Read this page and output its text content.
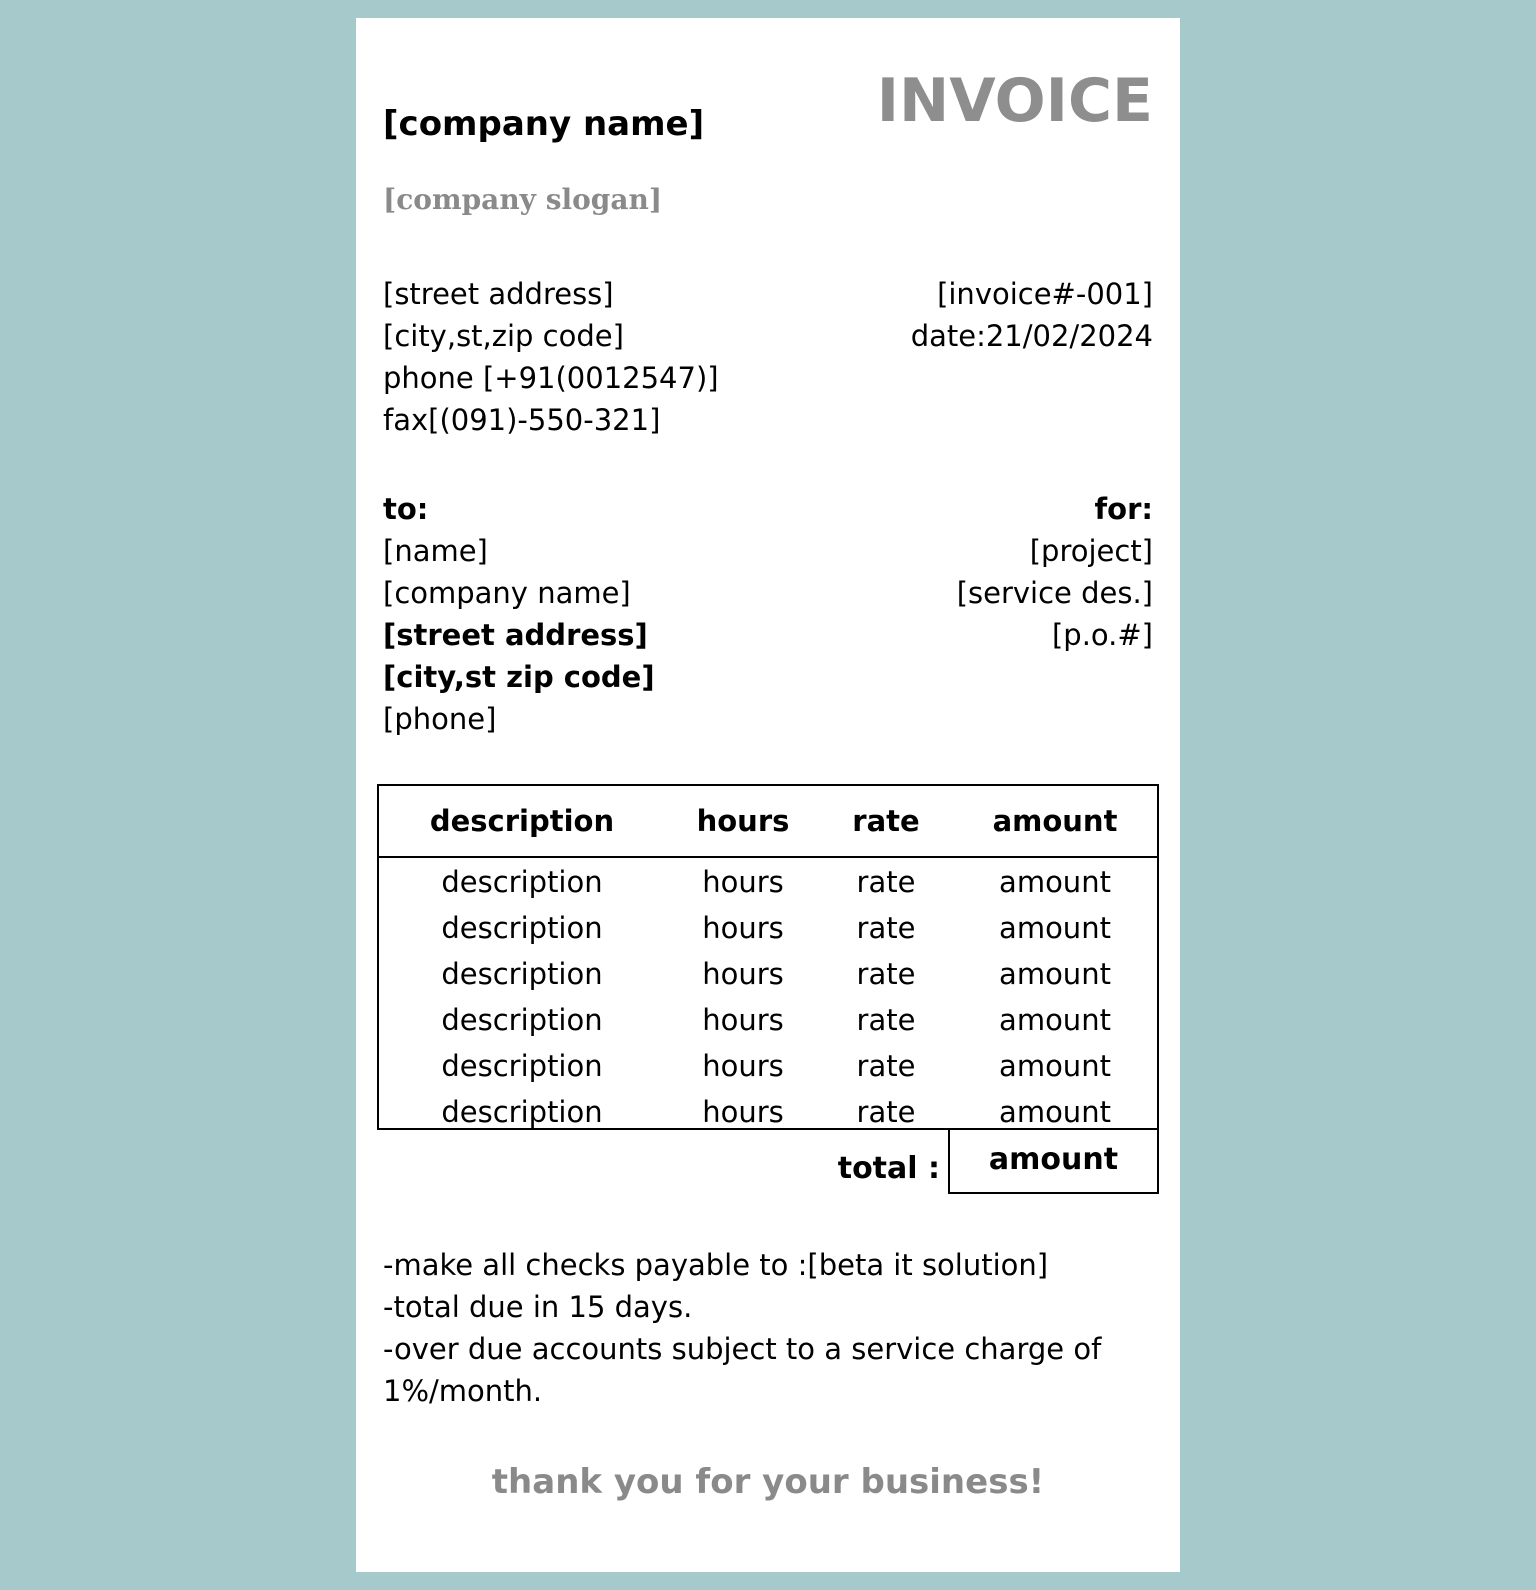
[company name]	INVOICE
[company slogan]
[street address]
[city,st,zip code]
phone [+91(0012547)]
fax[(091)-550-321]
[invoice#-001]
date:21/02/2024
to:
[name]
[company name]
[street address]
[city,st zip code]
[phone]
for:
[project]
[service des.]
[p.o.#]
description	hours	rate	amount
description	hours	rate	amount
description	hours	rate	amount
description	hours	rate	amount
description	hours	rate	amount
description	hours	rate	amount
description	hours	rate	amount
total :	amount
-make all checks payable to :[beta it solution]
-total due in 15 days.
-over due accounts subject to a service charge of
1%/month.
thank you for your business!
